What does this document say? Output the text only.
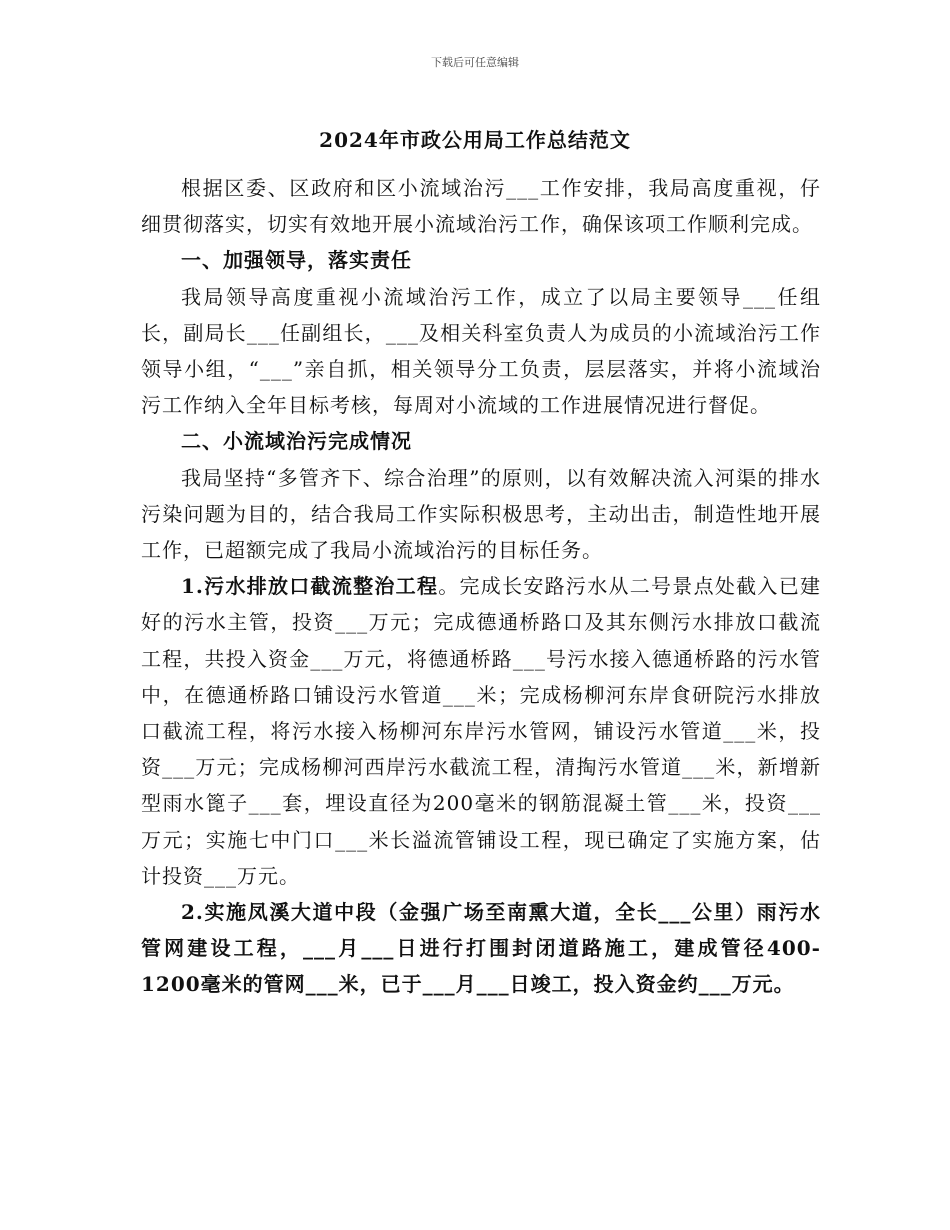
下载后可任意编辑
2024年市政公用局工作总结范文

根据区委、区政府和区小流域治污___工作安排，我局高度重视，仔细贯彻落实，切实有效地开展小流域治污工作，确保该项工作顺利完成。

一、加强领导，落实责任

我局领导高度重视小流域治污工作，成立了以局主要领导___任组长，副局长___任副组长，___及相关科室负责人为成员的小流域治污工作领导小组，“___”亲自抓，相关领导分工负责，层层落实，并将小流域治污工作纳入全年目标考核，每周对小流域的工作进展情况进行督促。

二、小流域治污完成情况

我局坚持“多管齐下、综合治理”的原则，以有效解决流入河渠的排水污染问题为目的，结合我局工作实际积极思考，主动出击，制造性地开展工作，已超额完成了我局小流域治污的目标任务。

1.污水排放口截流整治工程。完成长安路污水从二号景点处截入已建好的污水主管，投资___万元；完成德通桥路口及其东侧污水排放口截流工程，共投入资金___万元，将德通桥路___号污水接入德通桥路的污水管中，在德通桥路口铺设污水管道___米；完成杨柳河东岸食研院污水排放口截流工程，将污水接入杨柳河东岸污水管网，铺设污水管道___米，投资___万元；完成杨柳河西岸污水截流工程，清掏污水管道___米，新增新型雨水篦子___套，埋设直径为200毫米的钢筋混凝土管___米，投资___万元；实施七中门口___米长溢流管铺设工程，现已确定了实施方案，估计投资___万元。

2.实施凤溪大道中段（金强广场至南熏大道，全长___公里）雨污水管网建设工程，___月___日进行打围封闭道路施工，建成管径400-1200毫米的管网___米，已于___月___日竣工，投入资金约___万元。
